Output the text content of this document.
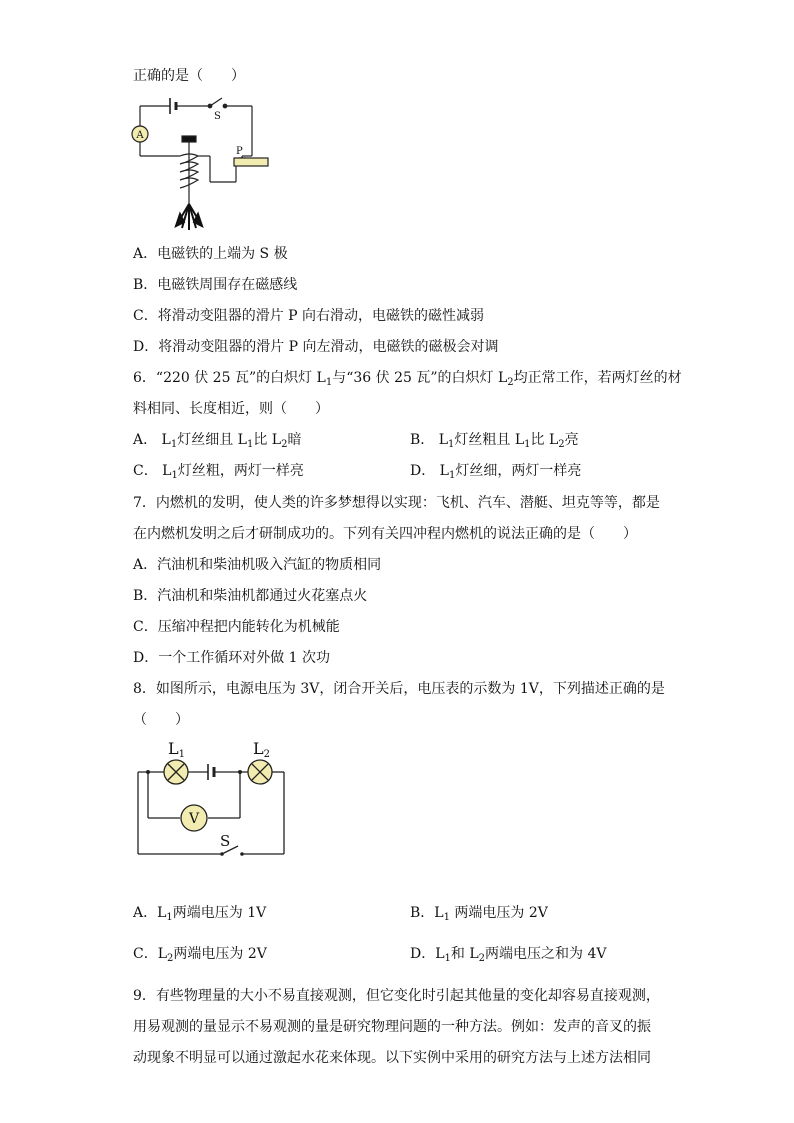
正确的是（　　）
A
S
P
A．电磁铁的上端为 S 极
B．电磁铁周围存在磁感线
C．将滑动变阻器的滑片 P 向右滑动，电磁铁的磁性减弱
D．将滑动变阻器的滑片 P 向左滑动，电磁铁的磁极会对调
6．“220 伏 25 瓦”的白炽灯 $L_1$与“36 伏 25 瓦”的白炽灯 $L_2$均正常工作，若两灯丝的材
料相同、长度相近，则（　　）
A． $L_1$灯丝细且 $L_1$比 $L_2$暗	B． $L_1$灯丝粗且 $L_1$比 $L_2$亮
C． $L_1$灯丝粗，两灯一样亮	D． $L_1$灯丝细，两灯一样亮
7．内燃机的发明，使人类的许多梦想得以实现：飞机、汽车、潜艇、坦克等等，都是
在内燃机发明之后才研制成功的。下列有关四冲程内燃机的说法正确的是（　　）
A．汽油机和柴油机吸入汽缸的物质相同
B．汽油机和柴油机都通过火花塞点火
C．压缩冲程把内能转化为机械能
D．一个工作循环对外做 1 次功
8．如图所示，电源电压为 3V，闭合开关后，电压表的示数为 1V，下列描述正确的是
（　　）
V
L1	L2
S
A．$L_1$两端电压为 1V	B．$L_1$ 两端电压为 2V
C．$L_2$两端电压为 2V	D．$L_1$和 $L_2$两端电压之和为 4V
9．有些物理量的大小不易直接观测，但它变化时引起其他量的变化却容易直接观测，
用易观测的量显示不易观测的量是研究物理问题的一种方法。例如：发声的音叉的振
动现象不明显可以通过激起水花来体现。以下实例中采用的研究方法与上述方法相同
